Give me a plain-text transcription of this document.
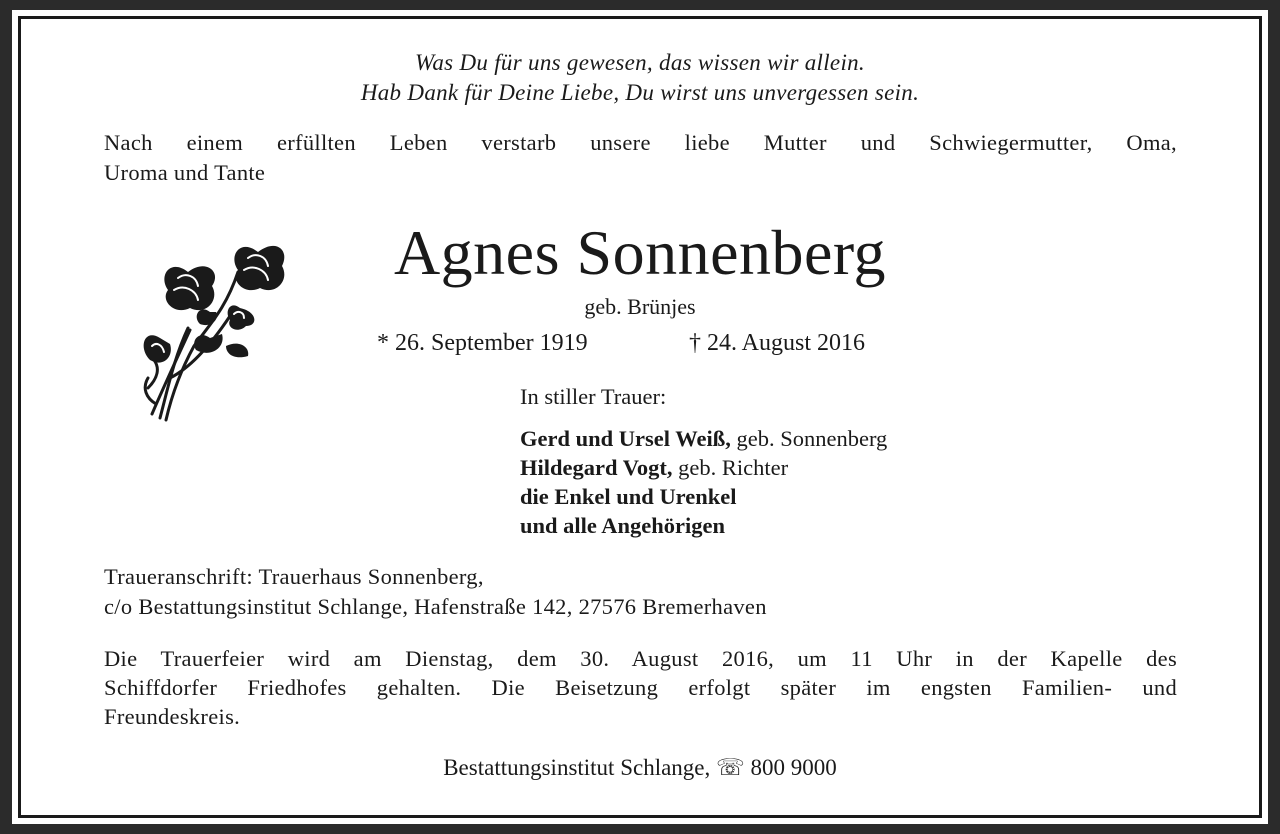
Was Du für uns gewesen, das wissen wir allein.
Hab Dank für Deine Liebe, Du wirst uns unvergessen sein.
Nach einem erfüllten Leben verstarb unsere liebe Mutter und Schwiegermutter, Oma,
Uroma und Tante
Agnes Sonnenberg
geb. Brünjes
* 26. September 1919	† 24. August 2016
In stiller Trauer:
Gerd und Ursel Weiß, geb. Sonnenberg
Hildegard Vogt, geb. Richter
die Enkel und Urenkel
und alle Angehörigen
Traueranschrift: Trauerhaus Sonnenberg,
c/o Bestattungsinstitut Schlange, Hafenstraße 142, 27576 Bremerhaven
Die Trauerfeier wird am Dienstag, dem 30. August 2016, um 11 Uhr in der Kapelle des
Schiffdorfer Friedhofes gehalten. Die Beisetzung erfolgt später im engsten Familien- und
Freundeskreis.
Bestattungsinstitut Schlange, ☏ 800 9000
